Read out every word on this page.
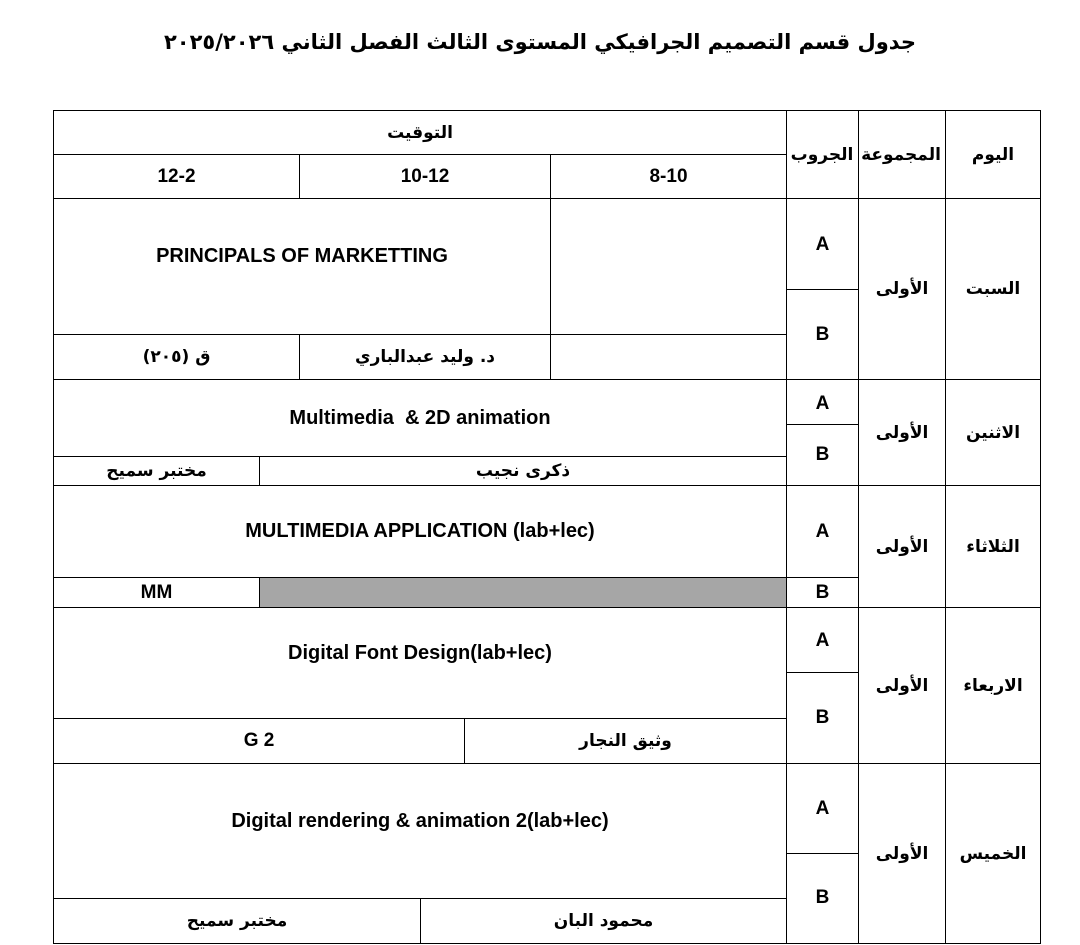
جدول قسم التصميم الجرافيكي المستوى الثالث الفصل الثاني ٢٠٢٥/٢٠٢٦
اليوم
المجموعة
الجروب
التوقيت
8-10
10-12
12-2
السبت
الأولى
A
B
PRINCIPALS OF MARKETTING
د. وليد عبدالباري
ق (٢٠٥)
الاثنين
الأولى
A
B
Multimedia  & 2D animation
ذكرى نجيب
مختبر سميح
الثلاثاء
الأولى
A
B
MULTIMEDIA APPLICATION (lab+lec)
MM
الاربعاء
الأولى
A
B
Digital Font Design(lab+lec)
وثيق النجار
G 2
الخميس
الأولى
A
B
Digital rendering & animation 2(lab+lec)
محمود البان
مختبر سميح
